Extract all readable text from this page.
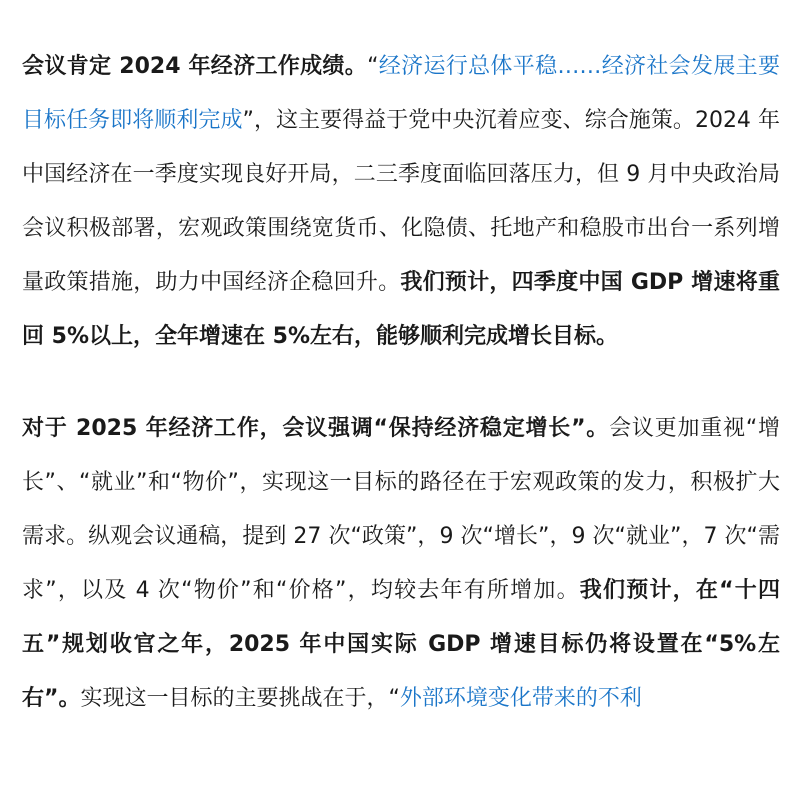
会议肯定 2024 年经济工作成绩。“经济运行总体平稳……经济社会发展主要目标任务即将顺利完成”，这主要得益于党中央沉着应变、综合施策。2024 年中国经济在一季度实现良好开局，二三季度面临回落压力，但 9 月中央政治局会议积极部署，宏观政策围绕宽货币、化隐债、托地产和稳股市出台一系列增量政策措施，助力中国经济企稳回升。我们预计，四季度中国 GDP 增速将重回 5%以上，全年增速在 5%左右，能够顺利完成增长目标。

对于 2025 年经济工作，会议强调“保持经济稳定增长”。会议更加重视“增长”、“就业”和“物价”，实现这一目标的路径在于宏观政策的发力，积极扩大需求。纵观会议通稿，提到 27 次“政策”，9 次“增长”，9 次“就业”，7 次“需求”，以及 4 次“物价”和“价格”，均较去年有所增加。我们预计，在“十四五”规划收官之年，2025 年中国实际 GDP 增速目标仍将设置在“5%左右”。实现这一目标的主要挑战在于，“外部环境变化带来的不利
